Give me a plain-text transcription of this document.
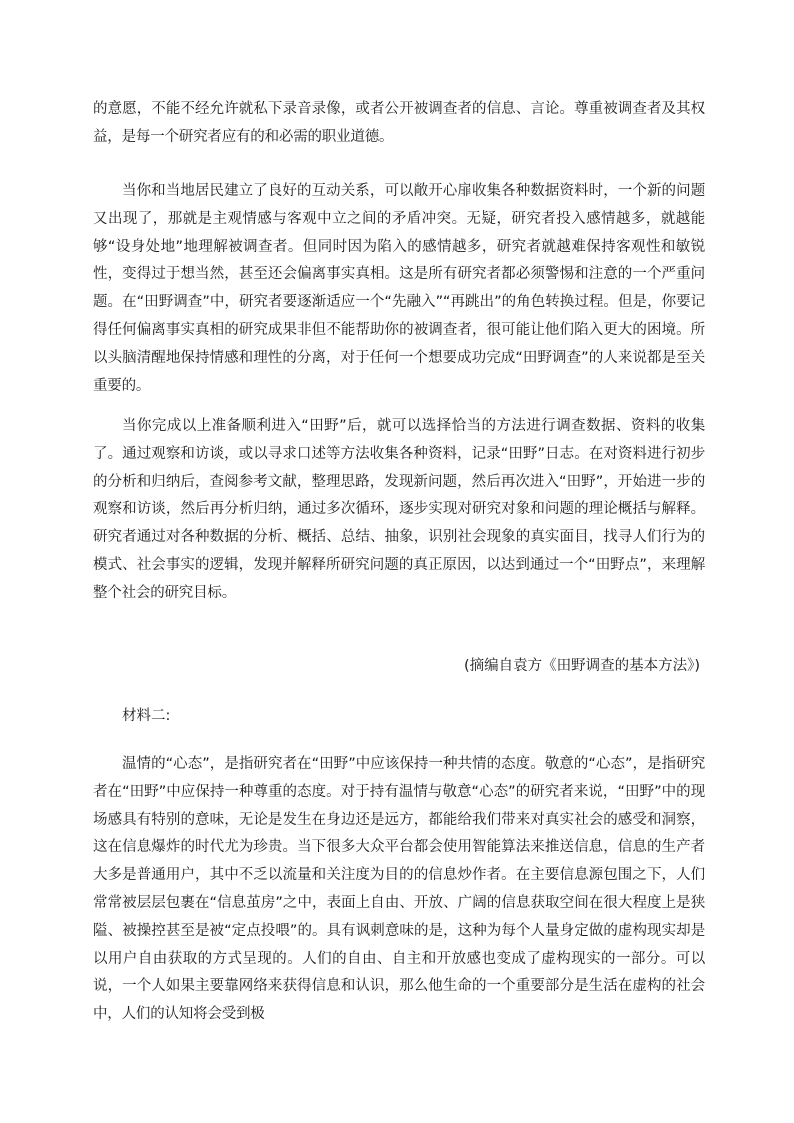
的意愿，不能不经允许就私下录音录像，或者公开被调查者的信息、言论。尊重被调查者及其权益，是每一个研究者应有的和必需的职业道德。

当你和当地居民建立了良好的互动关系，可以敞开心扉收集各种数据资料时，一个新的问题又出现了，那就是主观情感与客观中立之间的矛盾冲突。无疑，研究者投入感情越多，就越能够“设身处地”地理解被调查者。但同时因为陷入的感情越多，研究者就越难保持客观性和敏锐性，变得过于想当然，甚至还会偏离事实真相。这是所有研究者都必须警惕和注意的一个严重问题。在“田野调查”中，研究者要逐渐适应一个“先融入”“再跳出”的角色转换过程。但是，你要记得任何偏离事实真相的研究成果非但不能帮助你的被调查者，很可能让他们陷入更大的困境。所以头脑清醒地保持情感和理性的分离，对于任何一个想要成功完成“田野调查”的人来说都是至关重要的。

当你完成以上准备顺利进入“田野”后，就可以选择恰当的方法进行调查数据、资料的收集了。通过观察和访谈，或以寻求口述等方法收集各种资料，记录“田野”日志。在对资料进行初步的分析和归纳后，查阅参考文献，整理思路，发现新问题，然后再次进入“田野”，开始进一步的观察和访谈，然后再分析归纳，通过多次循环，逐步实现对研究对象和问题的理论概括与解释。研究者通过对各种数据的分析、概括、总结、抽象，识别社会现象的真实面目，找寻人们行为的模式、社会事实的逻辑，发现并解释所研究问题的真正原因，以达到通过一个“田野点”，来理解整个社会的研究目标。

(摘编自袁方《田野调查的基本方法》)
材料二:

温情的“心态”，是指研究者在“田野”中应该保持一种共情的态度。敬意的“心态”，是指研究者在“田野”中应保持一种尊重的态度。对于持有温情与敬意“心态”的研究者来说，“田野”中的现场感具有特别的意味，无论是发生在身边还是远方，都能给我们带来对真实社会的感受和洞察，这在信息爆炸的时代尤为珍贵。当下很多大众平台都会使用智能算法来推送信息，信息的生产者大多是普通用户，其中不乏以流量和关注度为目的的信息炒作者。在主要信息源包围之下，人们常常被层层包裹在“信息茧房”之中，表面上自由、开放、广阔的信息获取空间在很大程度上是狭隘、被操控甚至是被“定点投喂”的。具有讽刺意味的是，这种为每个人量身定做的虚构现实却是以用户自由获取的方式呈现的。人们的自由、自主和开放感也变成了虚构现实的一部分。可以说，一个人如果主要靠网络来获得信息和认识，那么他生命的一个重要部分是生活在虚构的社会中，人们的认知将会受到极
